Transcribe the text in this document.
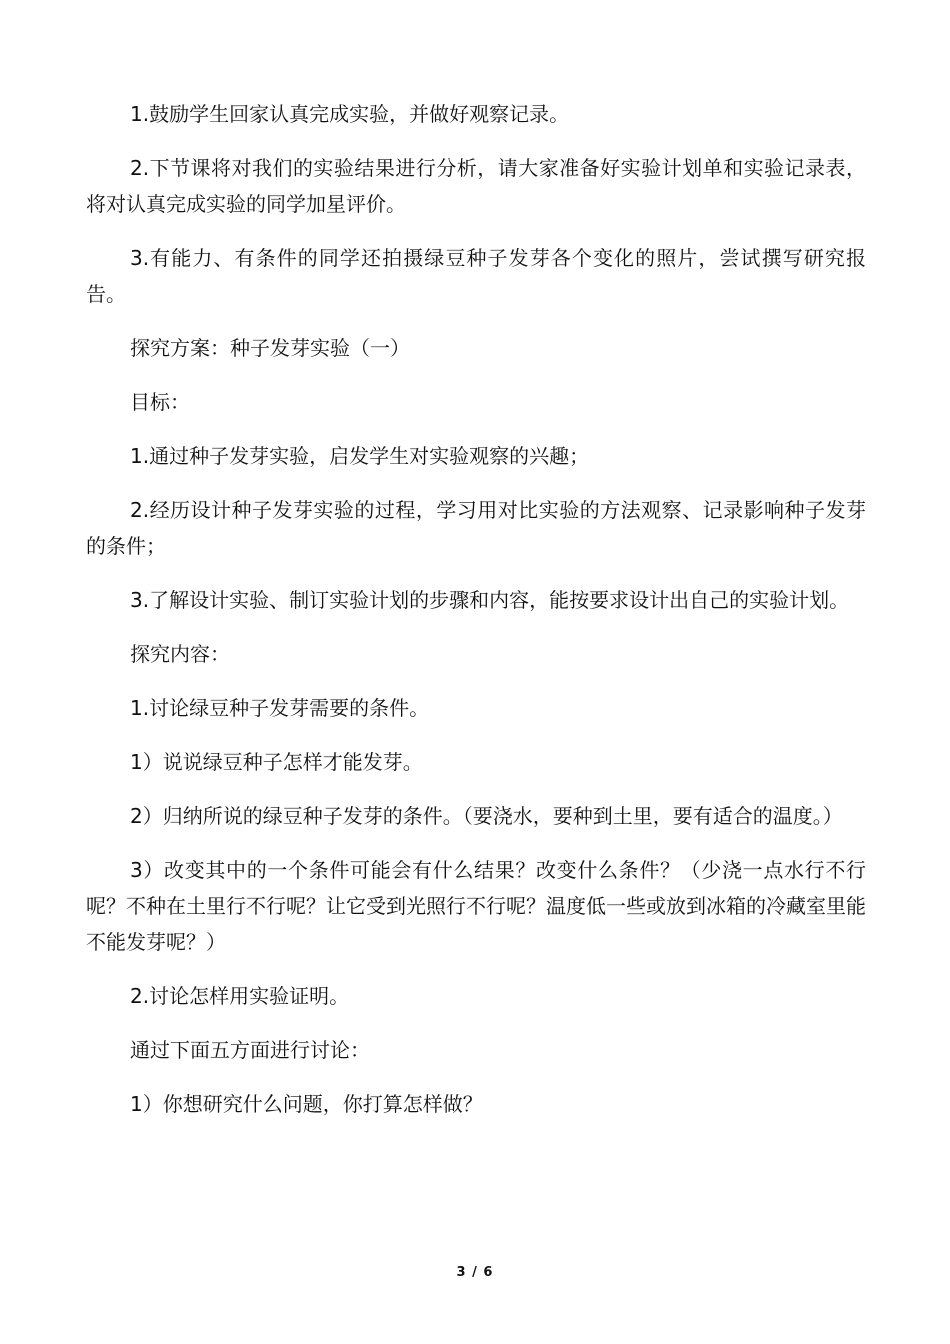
1.鼓励学生回家认真完成实验，并做好观察记录。

2.下节课将对我们的实验结果进行分析，请大家准备好实验计划单和实验记录表，将对认真完成实验的同学加星评价。

3.有能力、有条件的同学还拍摄绿豆种子发芽各个变化的照片，尝试撰写研究报告。

探究方案：种子发芽实验（一）

目标：

1.通过种子发芽实验，启发学生对实验观察的兴趣；

2.经历设计种子发芽实验的过程，学习用对比实验的方法观察、记录影响种子发芽的条件；

3.了解设计实验、制订实验计划的步骤和内容，能按要求设计出自己的实验计划。

探究内容：

1.讨论绿豆种子发芽需要的条件。

1）说说绿豆种子怎样才能发芽。

2）归纳所说的绿豆种子发芽的条件。（要浇水，要种到土里，要有适合的温度。）

3）改变其中的一个条件可能会有什么结果？改变什么条件？（少浇一点水行不行呢？不种在土里行不行呢？让它受到光照行不行呢？温度低一些或放到冰箱的冷藏室里能不能发芽呢？）

2.讨论怎样用实验证明。

通过下面五方面进行讨论：

1）你想研究什么问题，你打算怎样做？

3 / 6
